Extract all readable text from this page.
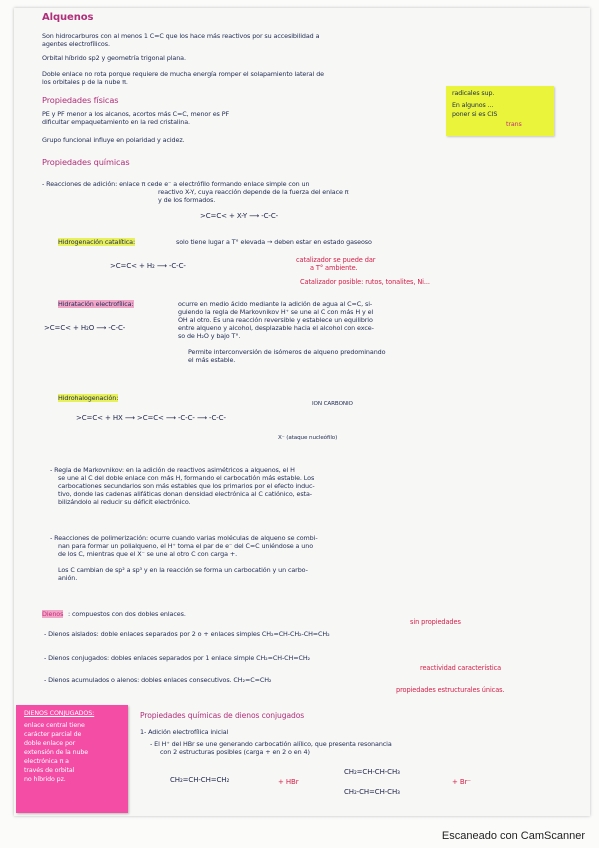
Alquenos
Son hidrocarburos con al menos 1 C=C que los hace más reactivos por su accesibilidad a
agentes electrofílicos.
Orbital híbrido sp2 y geometría trigonal plana.
Doble enlace no rota porque requiere de mucha energía romper el solapamiento lateral de
los orbitales p de la nube π.
radicales sup.
En algunos ...
poner si es CIS
trans
Propiedades físicas
PE y PF menor a los alcanos, acortos más C=C, menor es PF
dificultar empaquetamiento en la red cristalina.
Grupo funcional influye en polaridad y acidez.
Propiedades químicas
- Reacciones de adición: enlace π cede e⁻ a electrófilo formando enlace simple con un
reactivo X-Y, cuya reacción depende de la fuerza del enlace π
y de los formados.
>C=C< + X-Y ⟶ -C-C-
Hidrogenación catalítica:	solo tiene lugar a T° elevada → deben estar en estado gaseoso
>C=C< + H₂ ⟶ -C-C-
catalizador se puede dar
a T° ambiente.
Catalizador posible: rutos, tonalites, Ni...
Hidratación electrofílica:	ocurre en medio ácido mediante la adición de agua al C=C, si-
guiendo la regla de Markovnikov H⁺ se une al C con más H y el
OH al otro. Es una reacción reversible y establece un equilibrio
entre alqueno y alcohol, desplazable hacia el alcohol con exce-
so de H₂O y bajo T°.
Permite interconversión de isómeros de alqueno predominando
el más estable.
>C=C< + H₂O ⟶ -C-C-
Hidrohalogenación:
>C=C< + HX ⟶ >C=C< ⟶ -C-C- ⟶ -C-C-
ION CARBONIO
X⁻ (ataque nucleófilo)
- Regla de Markovnikov: en la adición de reactivos asimétricos a alquenos, el H
se une al C del doble enlace con más H, formando el carbocatión más estable. Los
carbocationes secundarios son más estables que los primarios por el efecto induc-
tivo, donde las cadenas alifáticas donan densidad electrónica al C catiónico, esta-
bilizándolo al reducir su déficit electrónico.
- Reacciones de polimerización: ocurre cuando varias moléculas de alqueno se combi-
nan para formar un polialqueno, el H⁺ toma el par de e⁻ del C=C uniéndose a uno
de los C, mientras que el X⁻ se une al otro C con carga +.
Los C cambian de sp² a sp³ y en la reacción se forma un carbocatión y un carbo-
anión.
Dienos : compuestos con dos dobles enlaces.
sin propiedades
- Dienos aislados: doble enlaces separados por 2 o + enlaces simples CH₂=CH-CH₂-CH=CH₂
- Dienos conjugados: dobles enlaces separados por 1 enlace simple CH₂=CH-CH=CH₂
reactividad característica
- Dienos acumulados o alenos: dobles enlaces consecutivos. CH₂=C=CH₂
propiedades estructurales únicas.
DIENOS CONJUGADOS:
enlace central tiene
carácter parcial de
doble enlace por
extensión de la nube
electrónica π a
través de orbital
no híbrido pz.
Propiedades químicas de dienos conjugados
1- Adición electrofílica inicial
- El H⁺ del HBr se une generando carbocatión alílico, que presenta resonancia
con 2 estructuras posibles (carga + en 2 o en 4)
CH₂=CH-CH=CH₂	+ HBr
CH₂=CH-CH-CH₃
CH₂-CH=CH-CH₃
+ Br⁻
Escaneado con CamScanner
